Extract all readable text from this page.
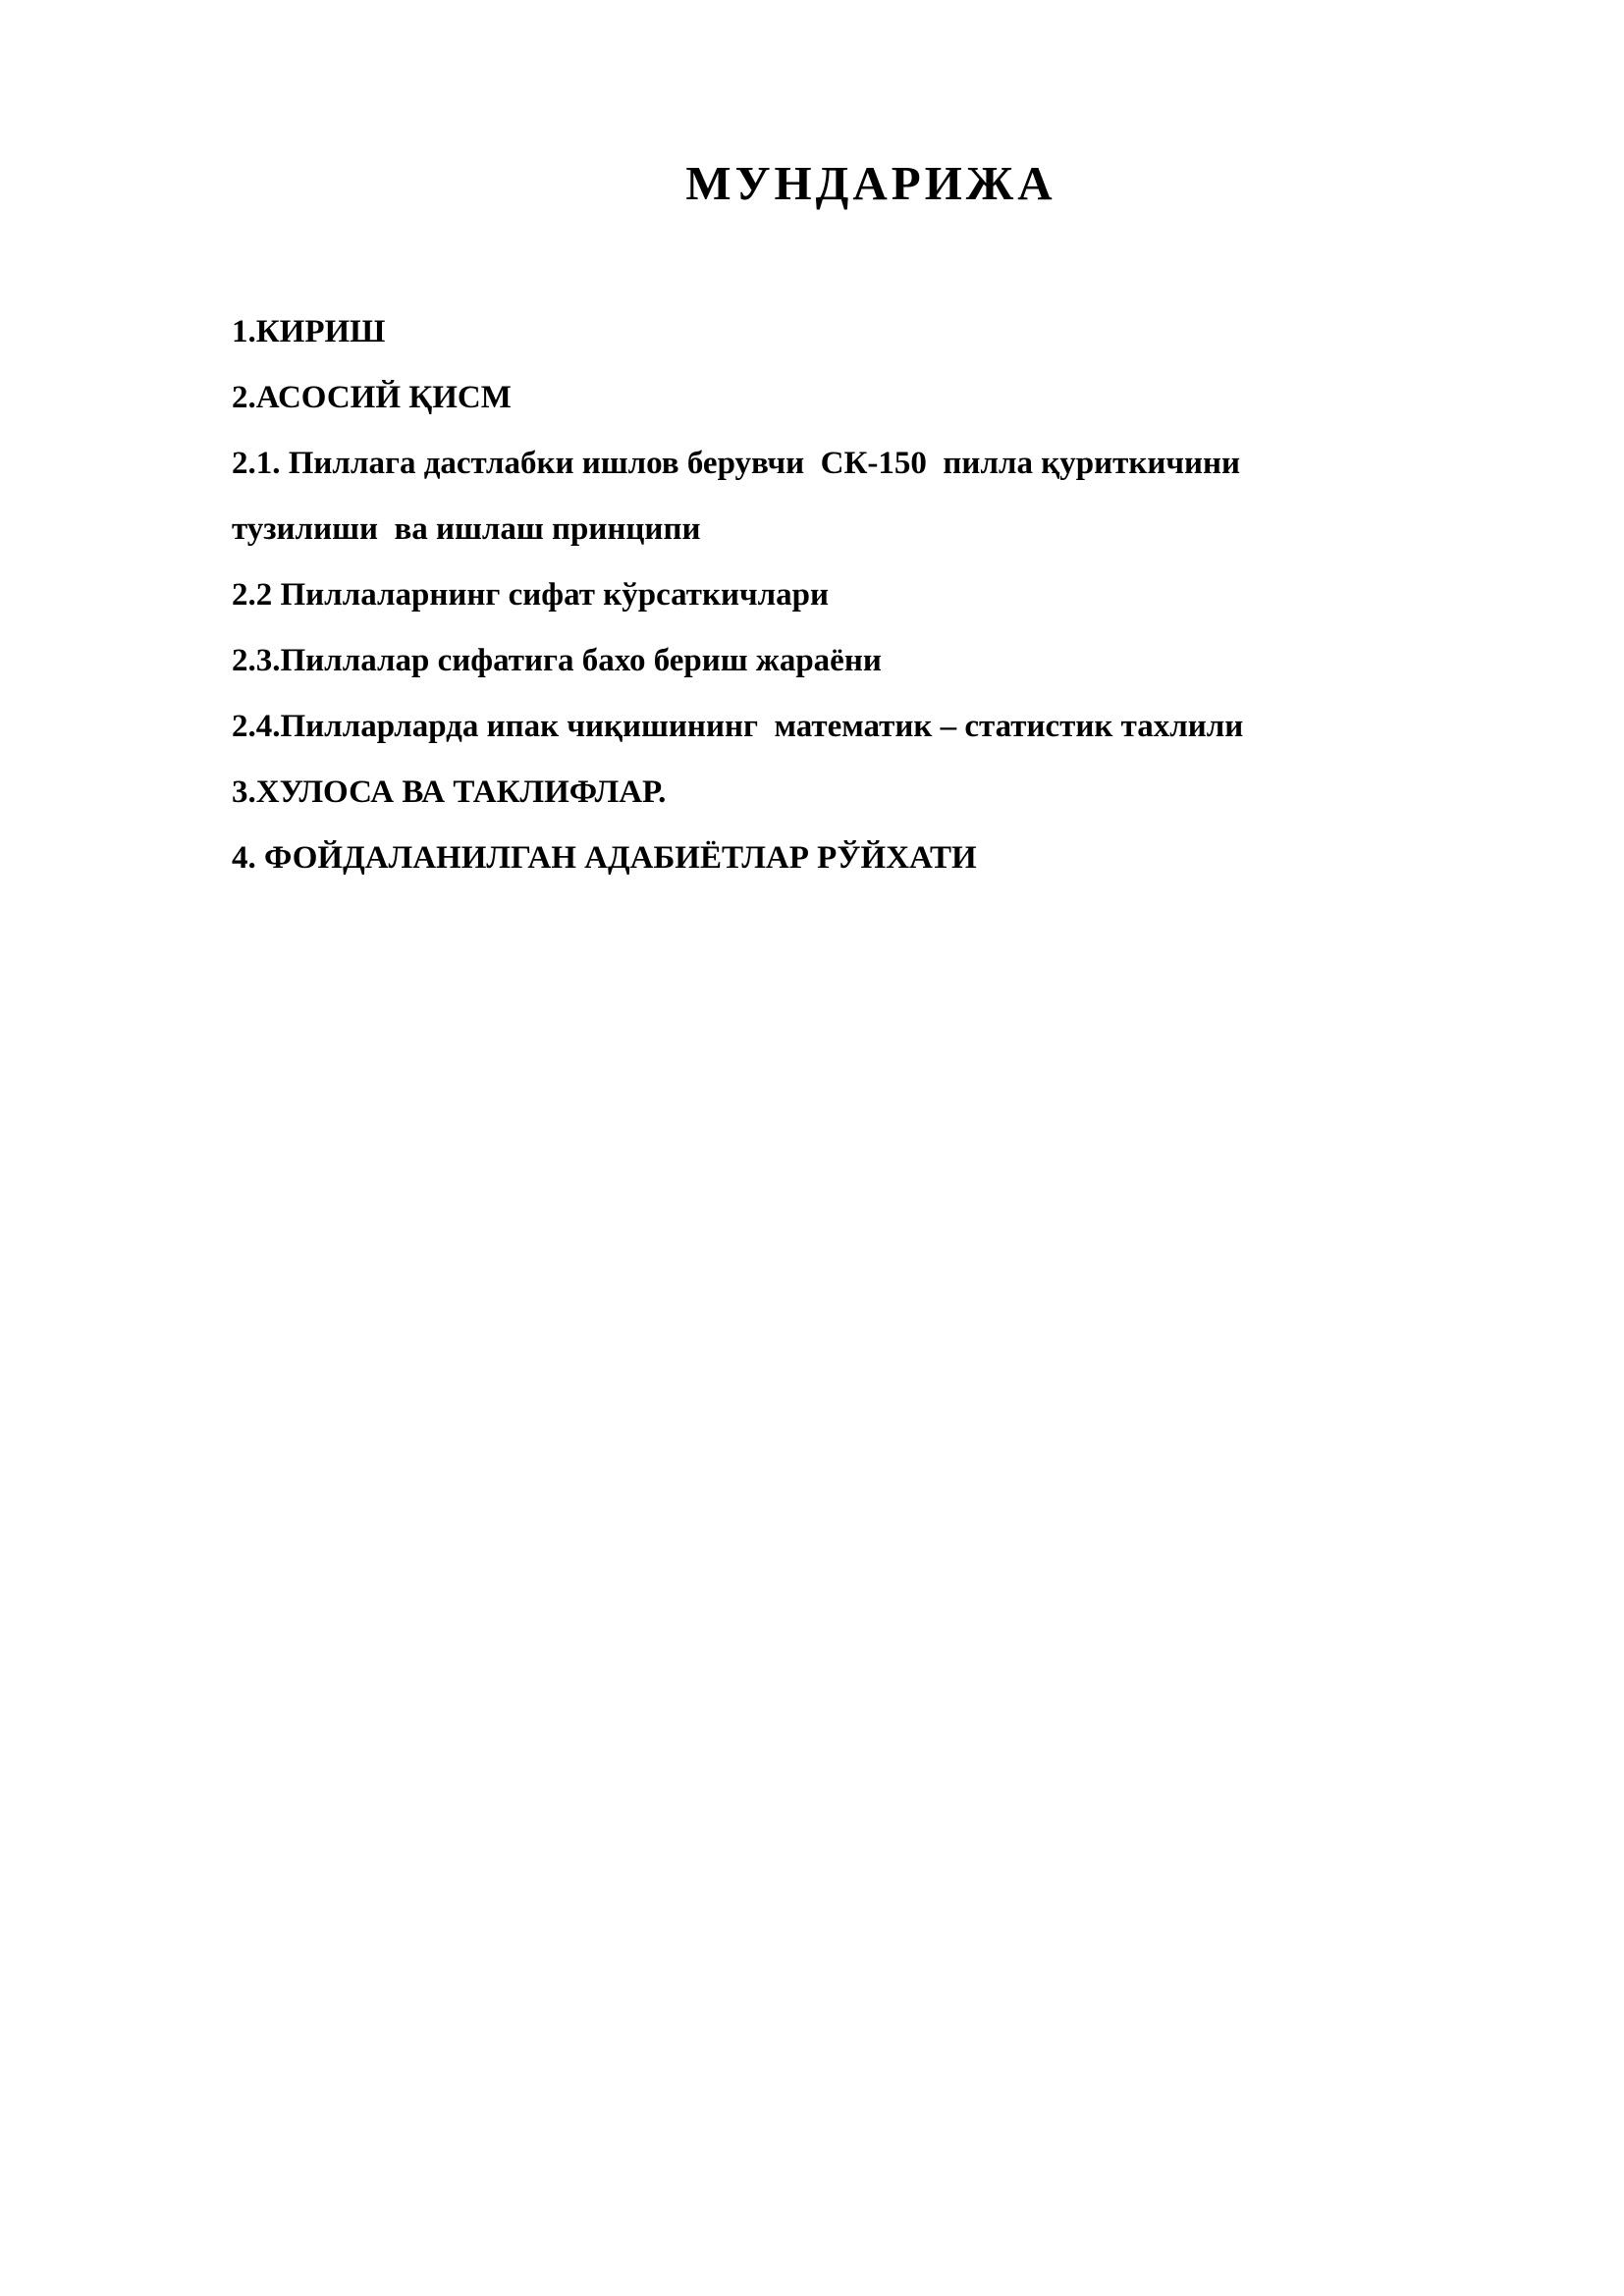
МУНДАРИЖА
1.КИРИШ
2.АСОСИЙ ҚИСМ
2.1. Пиллага дастлабки ишлов берувчи  СК-150  пилла қуриткичини
тузилиши  ва ишлаш принципи
2.2 Пиллаларнинг сифат кўрсаткичлари
2.3.Пиллалар сифатига бахо бериш жараёни
2.4.Пилларларда ипак чиқишининг  математик – статистик тахлили
3.ХУЛОСА ВА ТАКЛИФЛАР.
4. ФОЙДАЛАНИЛГАН АДАБИЁТЛАР РЎЙХАТИ
